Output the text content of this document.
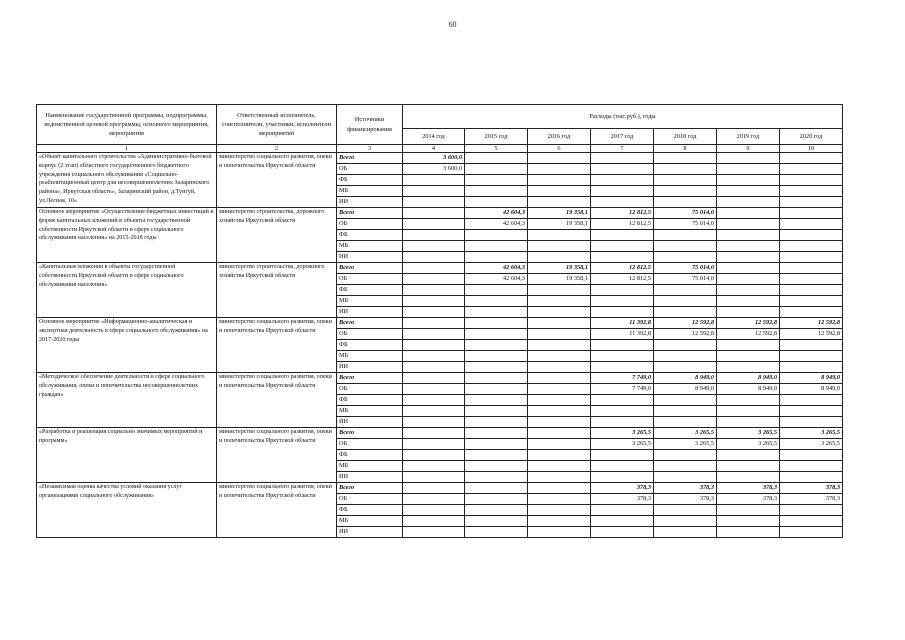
60
Наименование государственной программы, подпрограммы, ведомственной целевой программы, основного мероприятия, мероприятия	Ответственный исполнитель, соисполнители, участники, исполнители мероприятий	Источники финансирования	Расходы (тыс.руб.), годы						
			2014 год	2015 год	2016 год	2017 год	2018 год	2019 год	2020 год
1	2	3	4	5	6	7	8	9	10
«Объект капитального строительства «Административно-бытовой корпус (2 этап) областного государственного бюджетного учреждения социального обслуживания «Социально-реабилитационный центр для несовершеннолетних Заларинского района», Иркутская область», Заларинский район, д.Тунгуй, ул.Лесная, 10»	министерство социального развития, опеки и попечительства Иркутской области	Всего	3 600,0						
		ОБ	3 600,0						
		ФБ							
		МБ							
		ИИ							
Основное мероприятие «Осуществление бюджетных инвестиций в форме капитальных вложений в объекты государственной собственности Иркутской области в сфере социального обслуживания населения» на 2015-2018 годы	министерство строительства, дорожного хозяйства Иркутской области	Всего		42 604,3	19 358,1	12 812,5	75 014,0		
		ОБ		42 604,3	19 358,1	12 812,5	75 014,0		
		ФБ							
		МБ							
		ИИ							
«Капитальные вложения в объекты государственной собственности Иркутской области в сфере социального обслуживания населения»	министерство строительства, дорожного хозяйства Иркутской области	Всего		42 604,3	19 358,1	12 812,5	75 014,0		
		ОБ		42 604,3	19 358,1	12 812,5	75 014,0		
		ФБ							
		МБ							
		ИИ							
Основное мероприятие «Информационно-аналитическая и экспертная деятельность в сфере социального обслуживания» на 2017-2020 годы	министерство социального развития, опеки и попечительства Иркутской области	Всего				11 392,8	12 592,8	12 592,8	12 592,8
		ОБ				11 392,8	12 592,8	12 592,8	12 592,8
		ФБ							
		МБ							
		ИИ							
«Методическое обеспечение деятельности в сфере социального обслуживания, опеки и попечительства несовершеннолетних граждан»	министерство социального развития, опеки и попечительства Иркутской области	Всего				7 749,0	8 949,0	8 949,0	8 949,0
		ОБ				7 749,0	8 949,0	8 949,0	8 949,0
		ФБ							
		МБ							
		ИИ							
«Разработка и реализация социально значимых мероприятий и программ»	министерство социального развития, опеки и попечительства Иркутской области	Всего				3 265,5	3 265,5	3 265,5	3 265,5
		ОБ				3 265,5	3 265,5	3 265,5	3 265,5
		ФБ							
		МБ							
		ИИ							
«Независимая оценка качества условий оказания услуг организациями социального обслуживания»	министерство социального развития, опеки и попечительства Иркутской области	Всего				378,3	378,3	378,3	378,3
		ОБ				378,3	378,3	378,3	378,3
		ФБ							
		МБ							
		ИИ							
